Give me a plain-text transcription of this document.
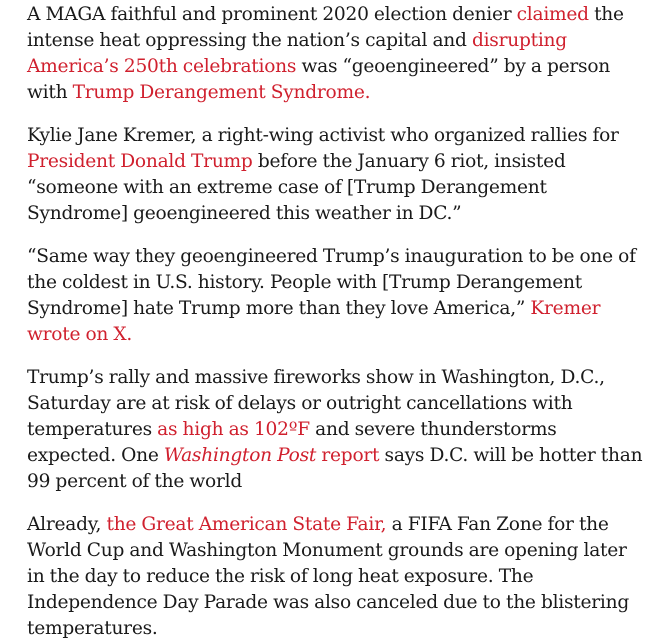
A MAGA faithful and prominent 2020 election denier claimed the intense heat oppressing the nation’s capital and disrupting America’s 250th celebrations was “geoengineered” by a person with Trump Derangement Syndrome.

Kylie Jane Kremer, a right-wing activist who organized rallies for President Donald Trump before the January 6 riot, insisted “someone with an extreme case of [Trump Derangement Syndrome] geoengineered this weather in DC.”

“Same way they geoengineered Trump’s inauguration to be one of the coldest in U.S. history. People with [Trump Derangement Syndrome] hate Trump more than they love America,” Kremer wrote on X.

Trump’s rally and massive fireworks show in Washington, D.C., Saturday are at risk of delays or outright cancellations with temperatures as high as 102ºF and severe thunderstorms expected. One Washington Post report says D.C. will be hotter than 99 percent of the world

Already, the Great American State Fair, a FIFA Fan Zone for the World Cup and Washington Monument grounds are opening later in the day to reduce the risk of long heat exposure. The Independence Day Parade was also canceled due to the blistering temperatures.
